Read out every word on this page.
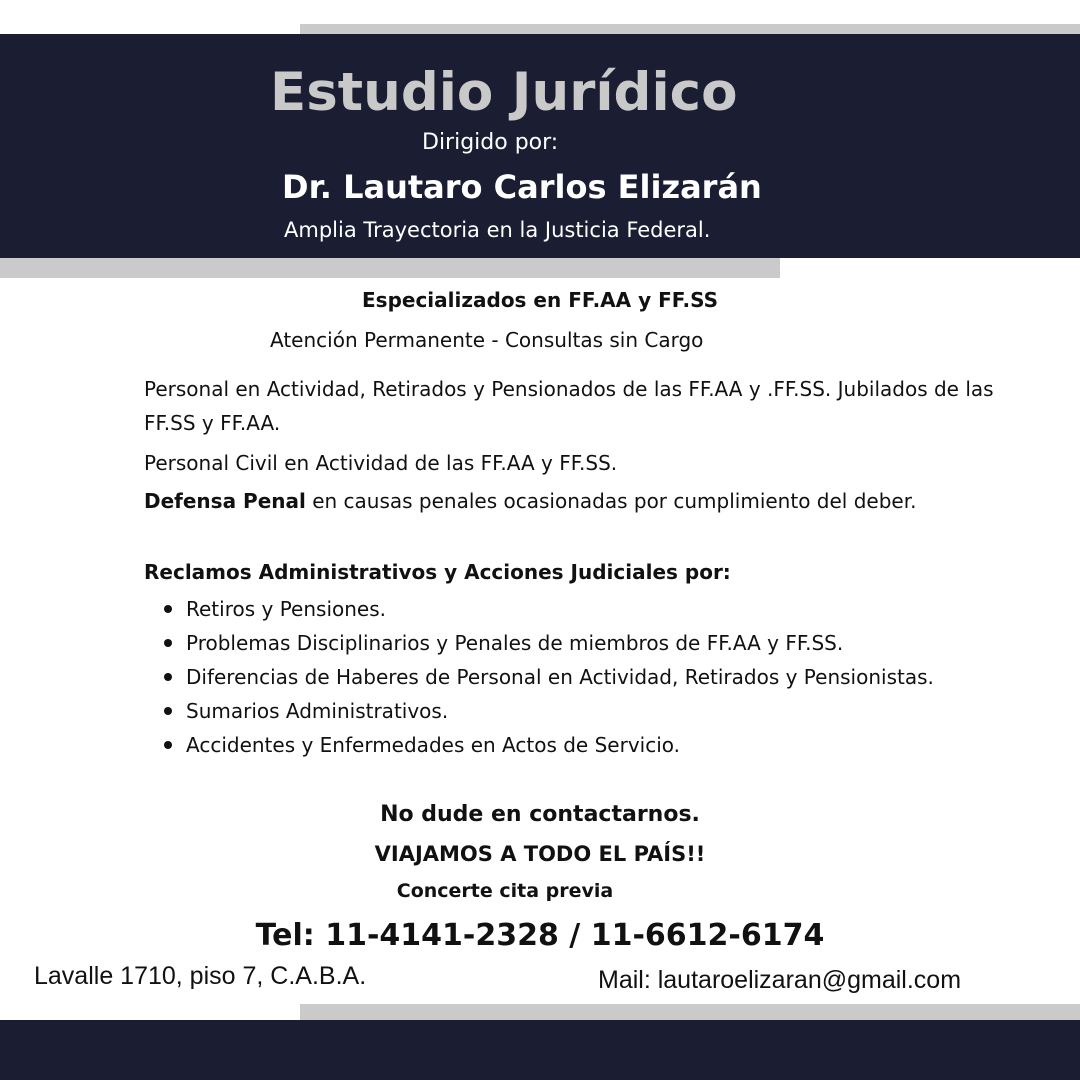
Estudio Jurídico
Dirigido por:
Dr. Lautaro Carlos Elizarán
Amplia Trayectoria en la Justicia Federal.
Especializados en FF.AA y FF.SS
Atención Permanente - Consultas sin Cargo
Personal en Actividad, Retirados y Pensionados de las FF.AA y .FF.SS. Jubilados de las FF.SS y FF.AA.
Personal Civil en Actividad de las FF.AA y FF.SS.
Defensa Penal en causas penales ocasionadas por cumplimiento del deber.
Reclamos Administrativos y Acciones Judiciales por:
Retiros y Pensiones.
Problemas Disciplinarios y Penales de miembros de FF.AA y FF.SS.
Diferencias de Haberes de Personal en Actividad, Retirados y Pensionistas.
Sumarios Administrativos.
Accidentes y Enfermedades en Actos de Servicio.
No dude en contactarnos.
VIAJAMOS A TODO EL PAÍS!!
Concerte cita previa
Tel: 11-4141-2328 / 11-6612-6174
Lavalle 1710, piso 7, C.A.B.A.	Mail: lautaroelizaran@gmail.com
